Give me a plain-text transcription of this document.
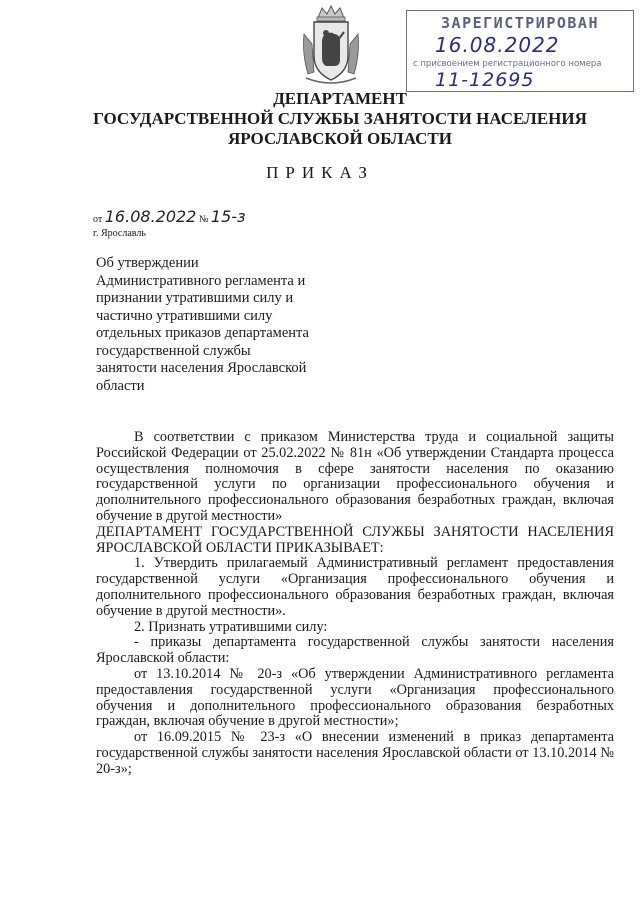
ЗАРЕГИСТРИРОВАН
16.08.2022
с присвоением регистрационного номера
11-12695
ДЕПАРТАМЕНТ
ГОСУДАРСТВЕННОЙ СЛУЖБЫ ЗАНЯТОСТИ НАСЕЛЕНИЯ
ЯРОСЛАВСКОЙ ОБЛАСТИ
ПРИКАЗ
от 16.08.2022 № 15-з
г. Ярославль
Об утверждении
Административного регламента и
признании утратившими силу и
частично утратившими силу
отдельных приказов департамента
государственной службы
занятости населения Ярославской
области

В соответствии с приказом Министерства труда и социальной защиты Российской Федерации от 25.02.2022 № 81н «Об утверждении Стандарта процесса осуществления полномочия в сфере занятости населения по оказанию государственной услуги по организации профессионального обучения и дополнительного профессионального образования безработных граждан, включая обучение в другой местности»

ДЕПАРТАМЕНТ ГОСУДАРСТВЕННОЙ СЛУЖБЫ ЗАНЯТОСТИ НАСЕЛЕНИЯ ЯРОСЛАВСКОЙ ОБЛАСТИ ПРИКАЗЫВАЕТ:

1. Утвердить прилагаемый Административный регламент предоставления государственной услуги «Организация профессионального обучения и дополнительного профессионального образования безработных граждан, включая обучение в другой местности».

2. Признать утратившими силу:

- приказы департамента государственной службы занятости населения Ярославской области:

от 13.10.2014 № 20-з «Об утверждении Административного регламента предоставления государственной услуги «Организация профессионального обучения и дополнительного профессионального образования безработных граждан, включая обучение в другой местности»;

от 16.09.2015 № 23-з «О внесении изменений в приказ департамента государственной службы занятости населения Ярославской области от 13.10.2014 № 20-з»;
